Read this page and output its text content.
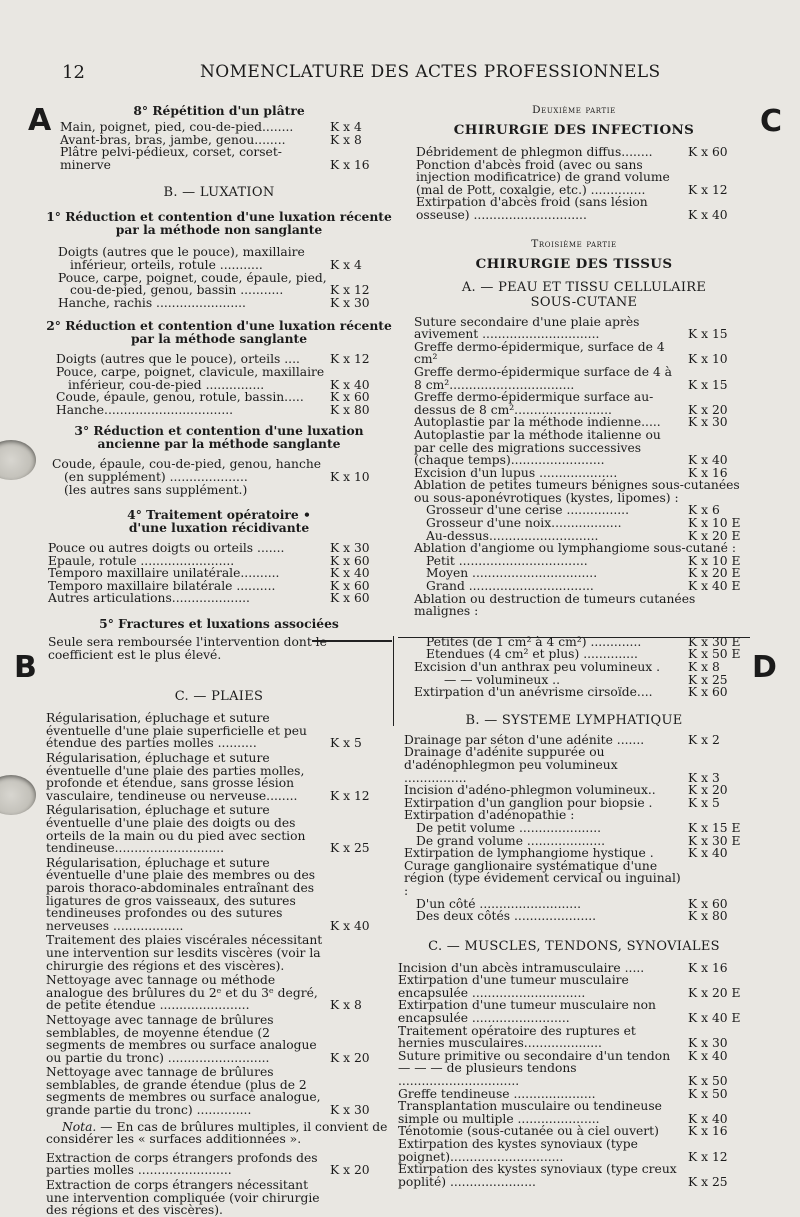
12	NOMENCLATURE DES ACTES PROFESSIONNELS
A	C
B	D
8° Répétition d'un plâtre
Main, poignet, pied, cou-de-pied........	K x 4
Avant-bras, bras, jambe, genou........	K x 8
Plâtre pelvi-pédieux, corset, corset-minerve	K x 16
B. — LUXATION
1° Réduction et contention d'une luxation récente par la méthode non sanglante

Doigts (autres que le pouce), maxillaire

inférieur, orteils, rotule ...........	K x 4

Pouce, carpe, poignet, coude, épaule, pied,

cou-de-pied, genou, bassin ...........	K x 12
Hanche, rachis .......................	K x 30
2° Réduction et contention d'une luxation récente par la méthode sanglante
Doigts (autres que le pouce), orteils ....	K x 12

Pouce, carpe, poignet, clavicule, maxillaire

inférieur, cou-de-pied ...............	K x 40
Coude, épaule, genou, rotule, bassin.....	K x 60
Hanche.................................	K x 80
3° Réduction et contention d'une luxation ancienne par la méthode sanglante

Coude, épaule, cou-de-pied, genou, hanche

(en supplément) ....................	K x 10

(les autres sans supplément.)

4° Traitement opératoire • d'une luxation récidivante
Pouce ou autres doigts ou orteils .......	K x 30
Epaule, rotule ........................	K x 60
Temporo maxillaire unilatérale..........	K x 40
Temporo maxillaire bilatérale ..........	K x 60
Autres articulations....................	K x 60
5° Fractures et luxations associées
Seule sera remboursée l'intervention dont le coefficient est le plus élevé.
C. — PLAIES
Régularisation, épluchage et suture éventuelle d'une plaie superficielle et peu étendue des parties molles ..........	K x 5
Régularisation, épluchage et suture éventuelle d'une plaie des parties molles, profonde et étendue, sans grosse lésion vasculaire, tendineuse ou nerveuse........	K x 12
Régularisation, épluchage et suture éventuelle d'une plaie des doigts ou des orteils de la main ou du pied avec section tendineuse............................	K x 25
Régularisation, épluchage et suture éventuelle d'une plaie des membres ou des parois thoraco-abdominales entraînant des ligatures de gros vaisseaux, des sutures tendineuses profondes ou des sutures nerveuses ..................	K x 40
Traitement des plaies viscérales nécessitant une intervention sur lesdits viscères (voir la chirurgie des régions et des viscères).
Nettoyage avec tannage ou méthode analogue des brûlures du 2ᵉ et du 3ᵉ degré, de petite étendue .......................	K x 8
Nettoyage avec tannage de brûlures semblables, de moyenne étendue (2 segments de membres ou surface analogue ou partie du tronc) ..........................	K x 20
Nettoyage avec tannage de brûlures semblables, de grande étendue (plus de 2 segments de membres ou surface analogue, grande partie du tronc) ..............	K x 30

Nota. — En cas de brûlures multiples, il convient de considérer les « surfaces additionnées ».

Extraction de corps étrangers profonds des parties molles ........................	K x 20
Extraction de corps étrangers nécessitant une intervention compliquée (voir chirurgie des régions et des viscères).
Deuxième partie
CHIRURGIE DES INFECTIONS
Débridement de phlegmon diffus........	K x 60
Ponction d'abcès froid (avec ou sans injection modificatrice) de grand volume (mal de Pott, coxalgie, etc.) ..............	K x 12
Extirpation d'abcès froid (sans lésion osseuse) .............................	K x 40
Troisième partie
CHIRURGIE DES TISSUS
A. — PEAU ET TISSU CELLULAIRE SOUS-CUTANE
Suture secondaire d'une plaie après avivement ..............................	K x 15
Greffe dermo-épidermique, surface de 4 cm²	K x 10
Greffe dermo-épidermique surface de 4 à 8 cm²................................	K x 15
Greffe dermo-épidermique surface au-dessus de 8 cm².........................	K x 20
Autoplastie par la méthode indienne.....	K x 30
Autoplastie par la méthode italienne ou par celle des migrations successives (chaque temps)........................	K x 40
Excision d'un lupus ....................	K x 16

Ablation de petites tumeurs bénignes sous-cutanées ou sous-aponévrotiques (kystes, lipomes) :

Grosseur d'une cerise ................	K x 6
Grosseur d'une noix..................	K x 10 E
Au-dessus............................	K x 20 E

Ablation d'angiome ou lymphangiome sous-cutané :

Petit .................................	K x 10 E
Moyen ................................	K x 20 E
Grand ................................	K x 40 E

Ablation ou destruction de tumeurs cutanées malignes :

Petites (de 1 cm² à 4 cm²) .............	K x 30 E
Etendues (4 cm² et plus) ..............	K x 50 E
Excision d'un anthrax peu volumineux .	K x 8
— — volumineux ..	K x 25
Extirpation d'un anévrisme cirsoïde....	K x 60
B. — SYSTEME LYMPHATIQUE
Drainage par séton d'une adénite .......	K x 2
Drainage d'adénite suppurée ou d'adénophlegmon peu volumineux ................	K x 3
Incision d'adéno-phlegmon volumineux..	K x 20
Extirpation d'un ganglion pour biopsie .	K x 5

Extirpation d'adénopathie :

De petit volume .....................	K x 15 E
De grand volume ....................	K x 30 E
Extirpation de lymphangiome hystique .	K x 40
Curage ganglionaire systématique d'une région (type évidement cervical ou inguinal) :
D'un côté ..........................	K x 60
Des deux côtés .....................	K x 80
C. — MUSCLES, TENDONS, SYNOVIALES
Incision d'un abcès intramusculaire .....	K x 16
Extirpation d'une tumeur musculaire encapsulée .............................	K x 20 E
Extirpation d'une tumeur musculaire non encapsulée .........................	K x 40 E
Traitement opératoire des ruptures et hernies musculaires....................	K x 30
Suture primitive ou secondaire d'un tendon	K x 40
— — — de plusieurs tendons ...............................	K x 50
Greffe tendineuse .....................	K x 50
Transplantation musculaire ou tendineuse simple ou multiple .....................	K x 40
Ténotomie (sous-cutanée ou à ciel ouvert)	K x 16
Extirpation des kystes synoviaux (type poignet).............................	K x 12
Extirpation des kystes synoviaux (type creux poplité) ......................	K x 25
